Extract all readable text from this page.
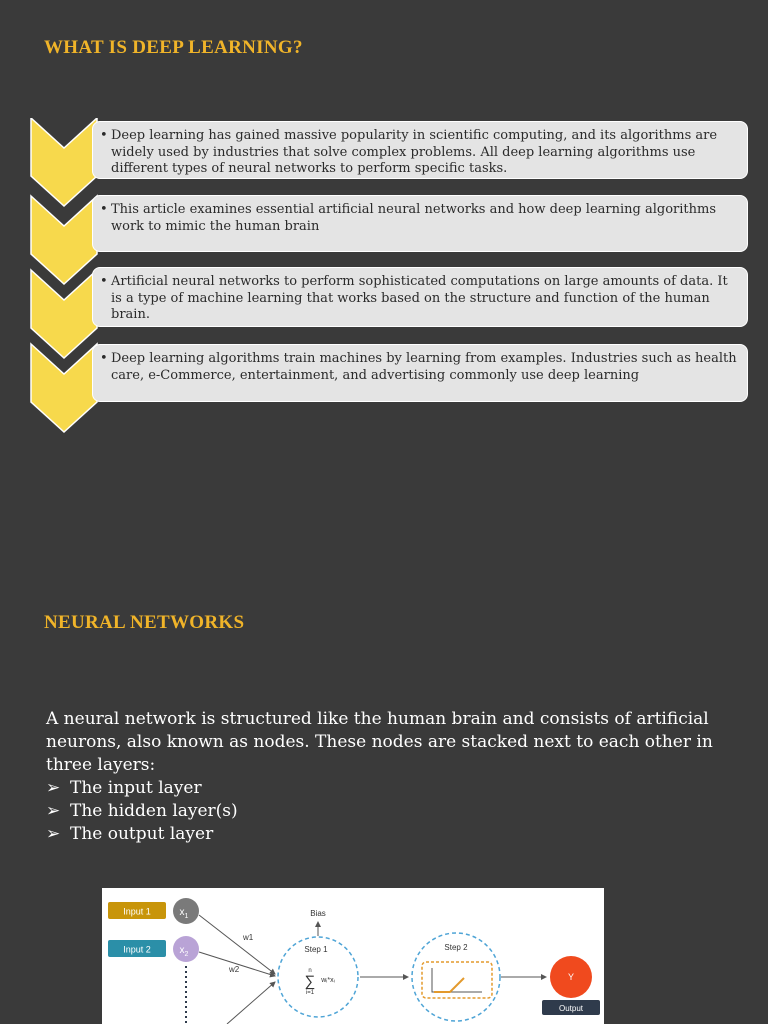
WHAT IS DEEP LEARNING?
• Deep learning has gained massive popularity in scientific computing, and its algorithms are widely used by industries that solve complex problems. All deep learning algorithms use different types of neural networks to perform specific tasks.
• This article examines essential artificial neural networks and how deep learning algorithms work to mimic the human brain
• Artificial neural networks to perform sophisticated computations on large amounts of data. It is a type of machine learning that works based on the structure and function of the human brain.
• Deep learning algorithms train machines by learning from examples. Industries such as health care, e-Commerce, entertainment, and advertising commonly use deep learning
NEURAL NETWORKS
A neural network is structured like the human brain and consists of artificial neurons, also known as nodes. These nodes are stacked next to each other in three layers:
➢ The input layer
➢ The hidden layer(s)
➢ The output layer
Input 1
Input 2
$x_1$
$x_2$
w1
w2
Bias
Step 1
n
∑
i=1
wᵢ*xᵢ
Step 2
Y
Output
